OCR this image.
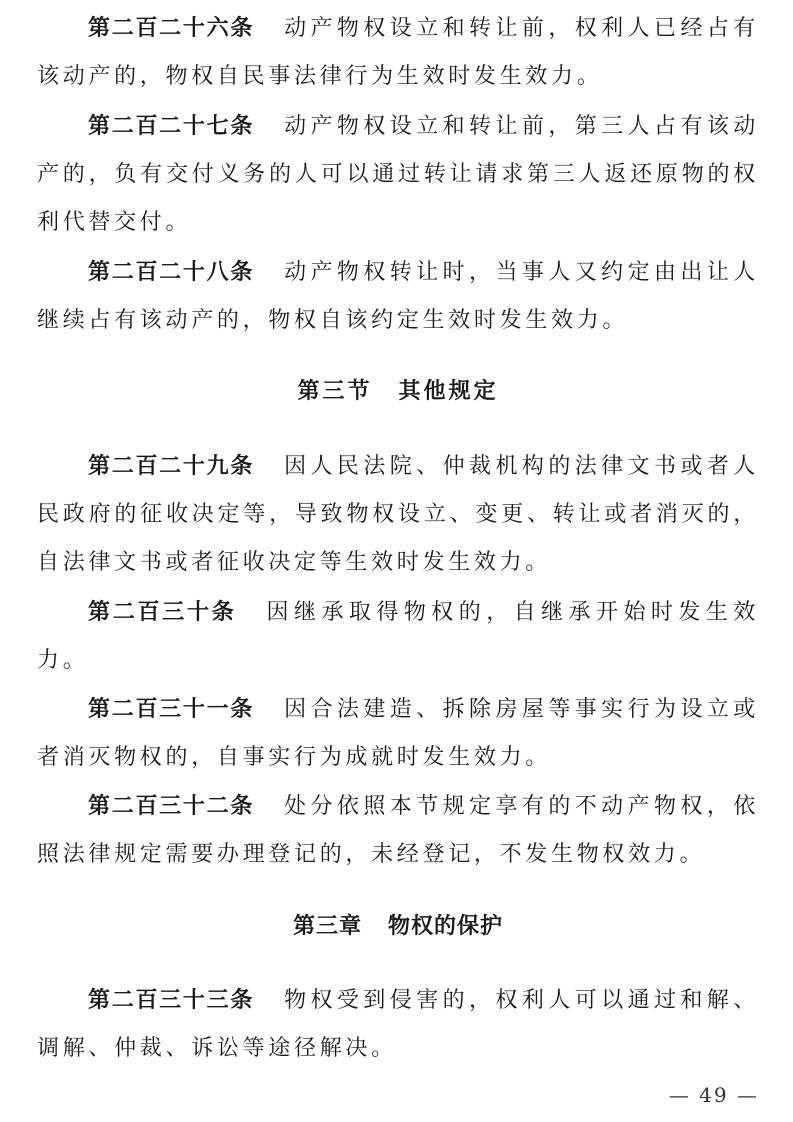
第二百二十六条 动产物权设立和转让前，权利人已经占有该动产的，物权自民事法律行为生效时发生效力。

第二百二十七条 动产物权设立和转让前，第三人占有该动产的，负有交付义务的人可以通过转让请求第三人返还原物的权利代替交付。

第二百二十八条 动产物权转让时，当事人又约定由出让人继续占有该动产的，物权自该约定生效时发生效力。

第三节 其他规定

第二百二十九条 因人民法院、仲裁机构的法律文书或者人民政府的征收决定等，导致物权设立、变更、转让或者消灭的，自法律文书或者征收决定等生效时发生效力。

第二百三十条 因继承取得物权的，自继承开始时发生效力。

第二百三十一条 因合法建造、拆除房屋等事实行为设立或者消灭物权的，自事实行为成就时发生效力。

第二百三十二条 处分依照本节规定享有的不动产物权，依照法律规定需要办理登记的，未经登记，不发生物权效力。

第三章 物权的保护

第二百三十三条 物权受到侵害的，权利人可以通过和解、调解、仲裁、诉讼等途径解决。

— 49 —
